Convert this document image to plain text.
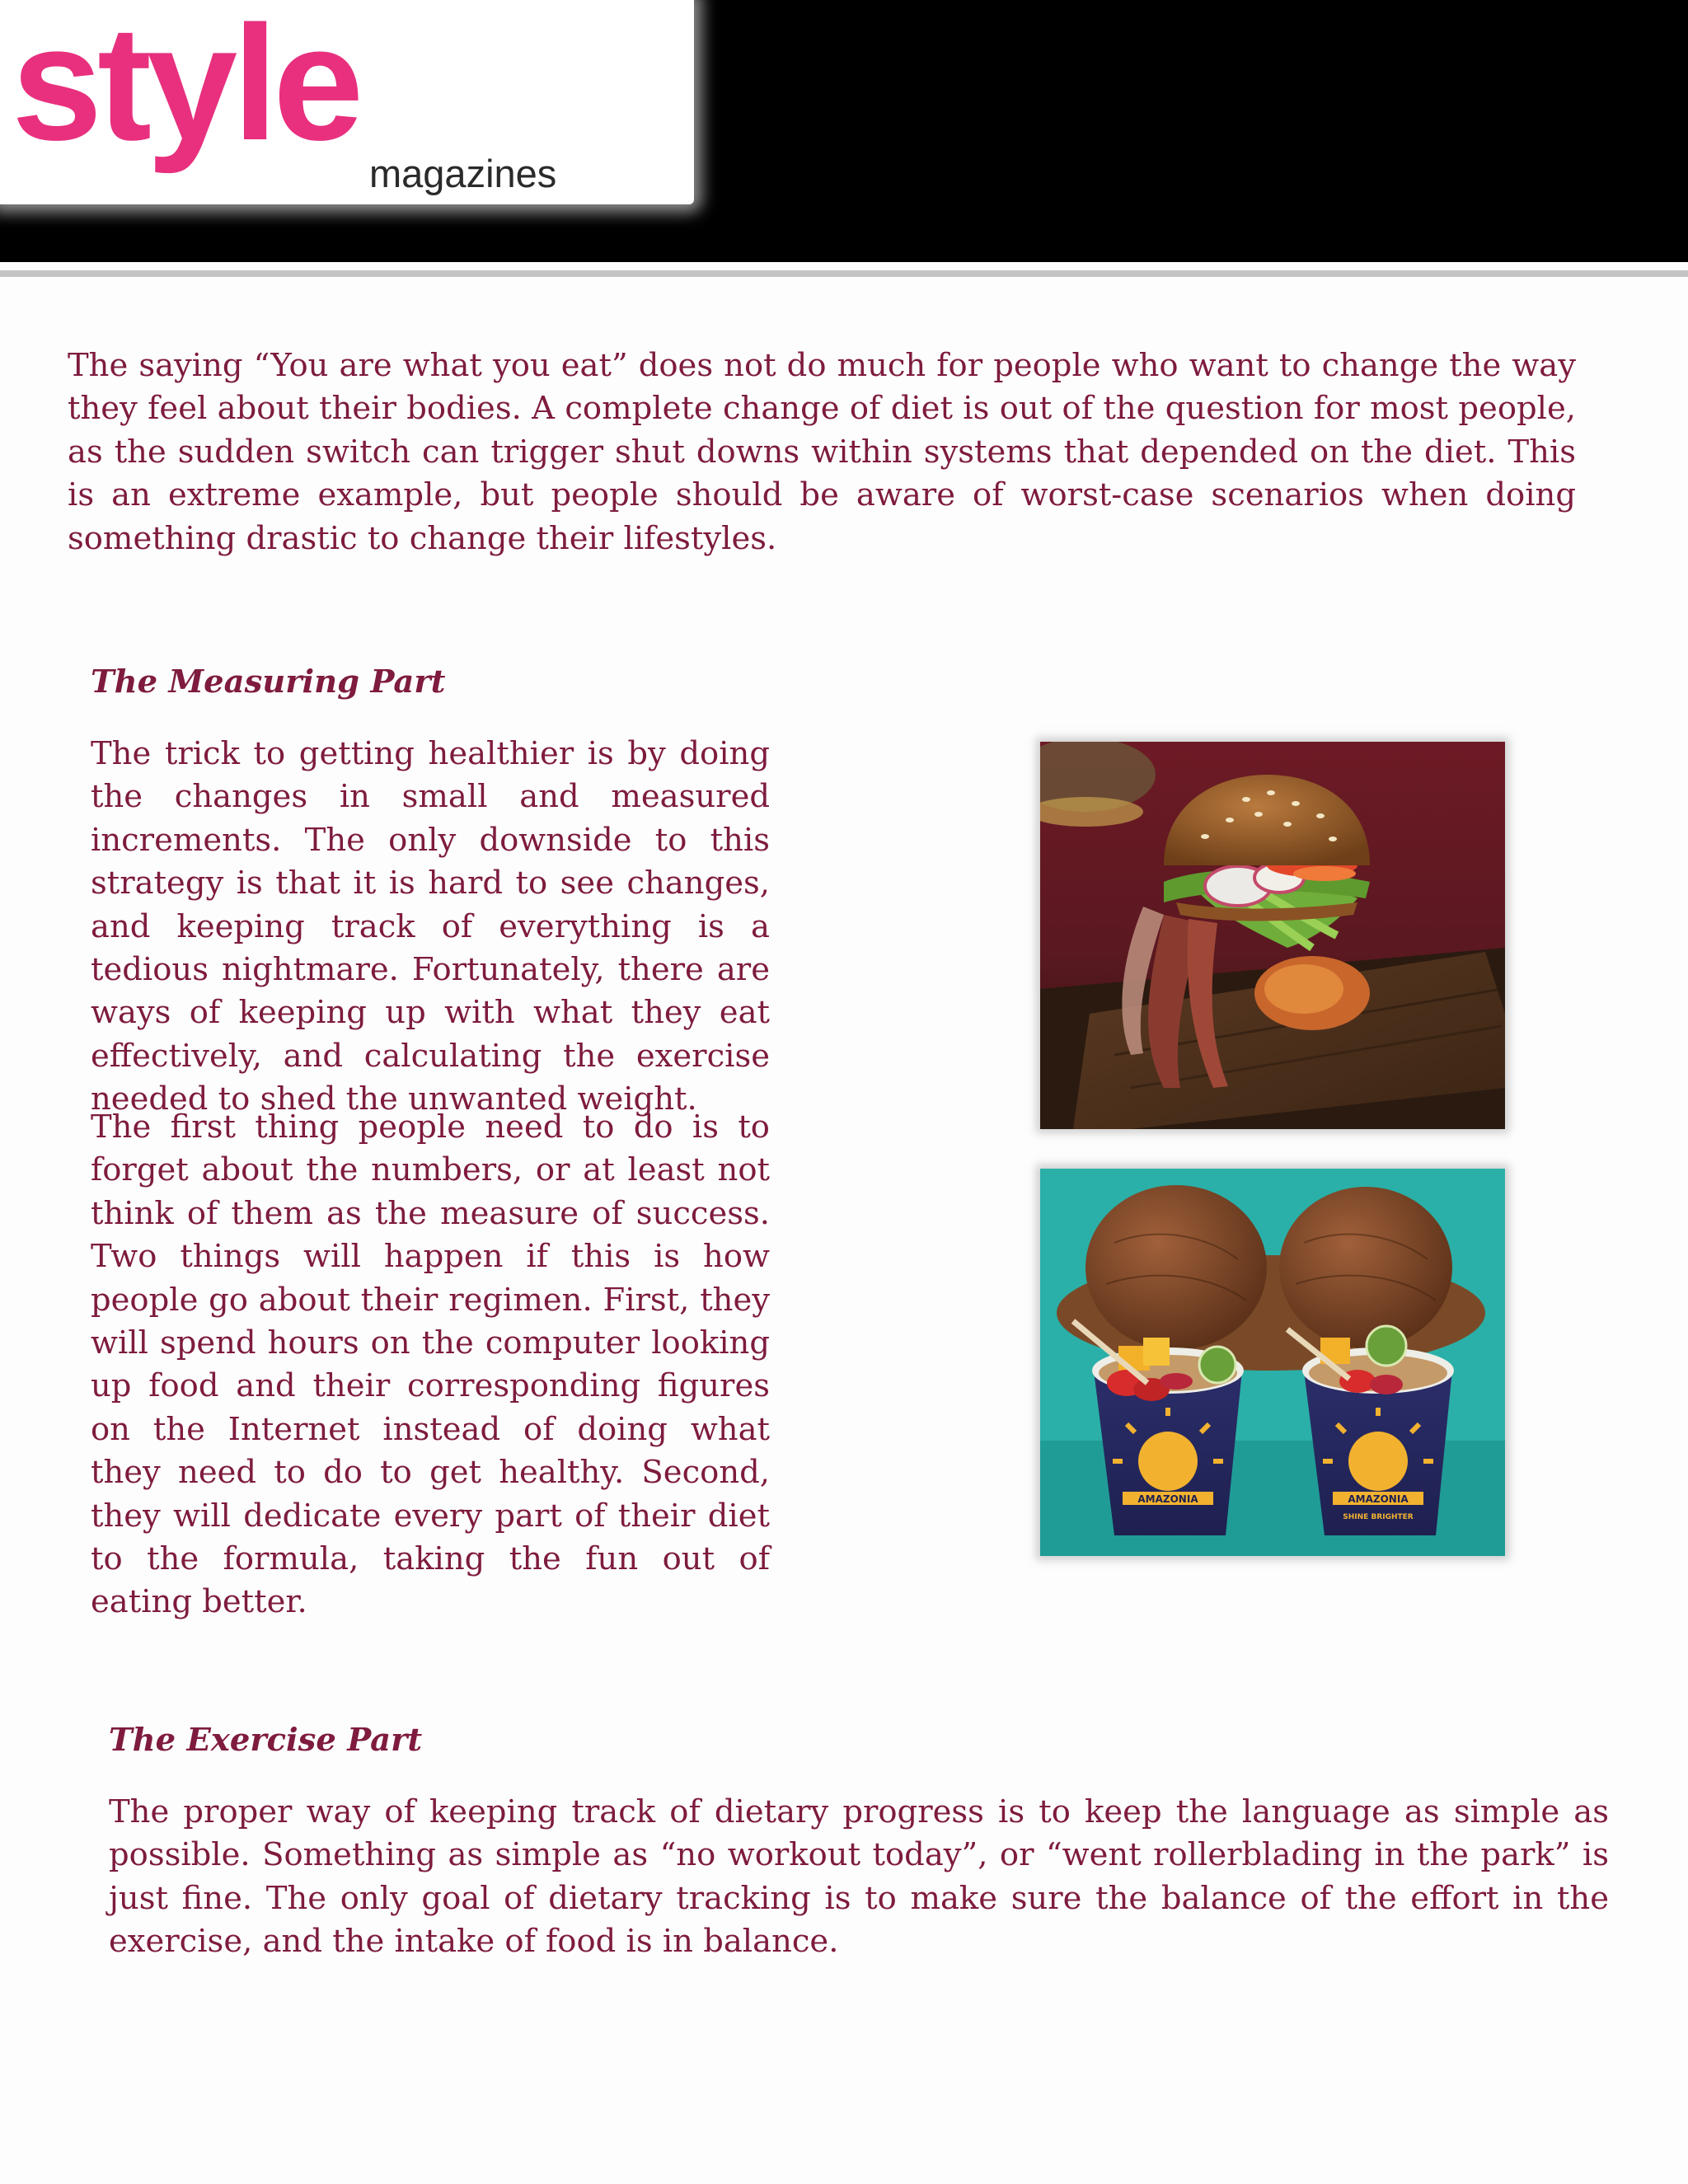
style magazines

The saying “You are what you eat” does not do much for people who want to change the way they feel about their bodies. A complete change of diet is out of the question for most people, as the sudden switch can trigger shut downs within systems that depended on the diet. This is an extreme example, but people should be aware of worst-case scenarios when doing something drastic to change their lifestyles.

The Measuring Part

The trick to getting healthier is by doing the changes in small and measured increments. The only downside to this strategy is that it is hard to see changes, and keeping track of everything is a tedious nightmare. Fortunately, there are ways of keeping up with what they eat effectively, and calculating the exercise needed to shed the unwanted weight.

The first thing people need to do is to forget about the numbers, or at least not think of them as the measure of success. Two things will happen if this is how people go about their regimen. First, they will spend hours on the computer looking up food and their corresponding figures on the Internet instead of doing what they need to do to get healthy. Second, they will dedicate every part of their diet to the formula, taking the fun out of eating better.

AMAZONIA	AMAZONIA
SHINE BRIGHTER
The Exercise Part

The proper way of keeping track of dietary progress is to keep the language as simple as possible. Something as simple as “no workout today”, or “went rollerblading in the park” is just fine. The only goal of dietary tracking is to make sure the balance of the effort in the exercise, and the intake of food is in balance.
